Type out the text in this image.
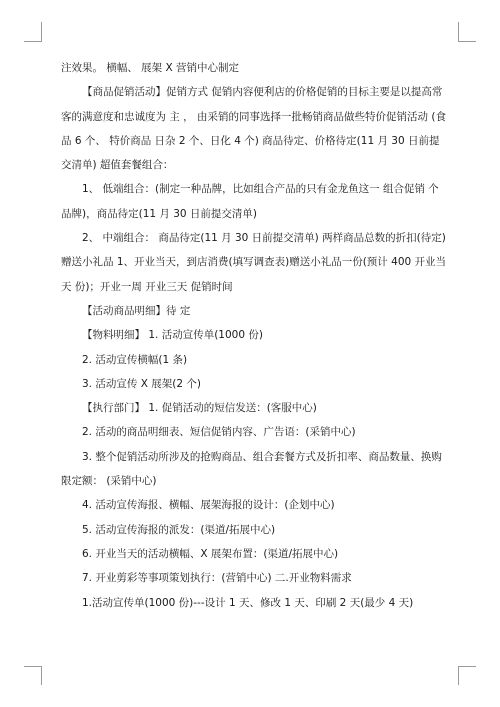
注效果。 横幅、 展架 X 营销中心制定

【商品促销活动】促销方式 促销内容便利店的价格促销的目标主要是以提高常客的满意度和忠诚度为 主 ， 由采销的同事选择一批畅销商品做些特价促销活动 (食品 6 个、 特价商品 日杂 2 个、日化 4 个) 商品待定、价格待定(11 月 30 日前提交清单) 超值套餐组合：

1、 低端组合：(制定一种品牌，比如组合产品的只有金龙鱼这一 组合促销 个品牌)，商品待定(11 月 30 日前提交清单)

2、 中端组合： 商品待定(11 月 30 日前提交清单) 两样商品总数的折扣(待定) 赠送小礼品 1、开业当天，到店消费(填写调查表)赠送小礼品一份(预计 400 开业当天 份)；开业一周 开业三天 促销时间

【活动商品明细】待 定

【物料明细】 1. 活动宣传单(1000 份)

2. 活动宣传横幅(1 条)

3. 活动宣传 X 展架(2 个)

【执行部门】 1. 促销活动的短信发送：(客服中心)

2. 活动的商品明细表、短信促销内容、广告语：(采销中心)

3. 整个促销活动所涉及的抢购商品、组合套餐方式及折扣率、商品数量、换购限定额： (采销中心)

4. 活动宣传海报、横幅、展架海报的设计：(企划中心)

5. 活动宣传海报的派发：(渠道/拓展中心)

6. 开业当天的活动横幅、X 展架布置：(渠道/拓展中心)

7. 开业剪彩等事项策划执行：(营销中心) 二.开业物料需求

1.活动宣传单(1000 份)---设计 1 天、修改 1 天、印刷 2 天(最少 4 天)
